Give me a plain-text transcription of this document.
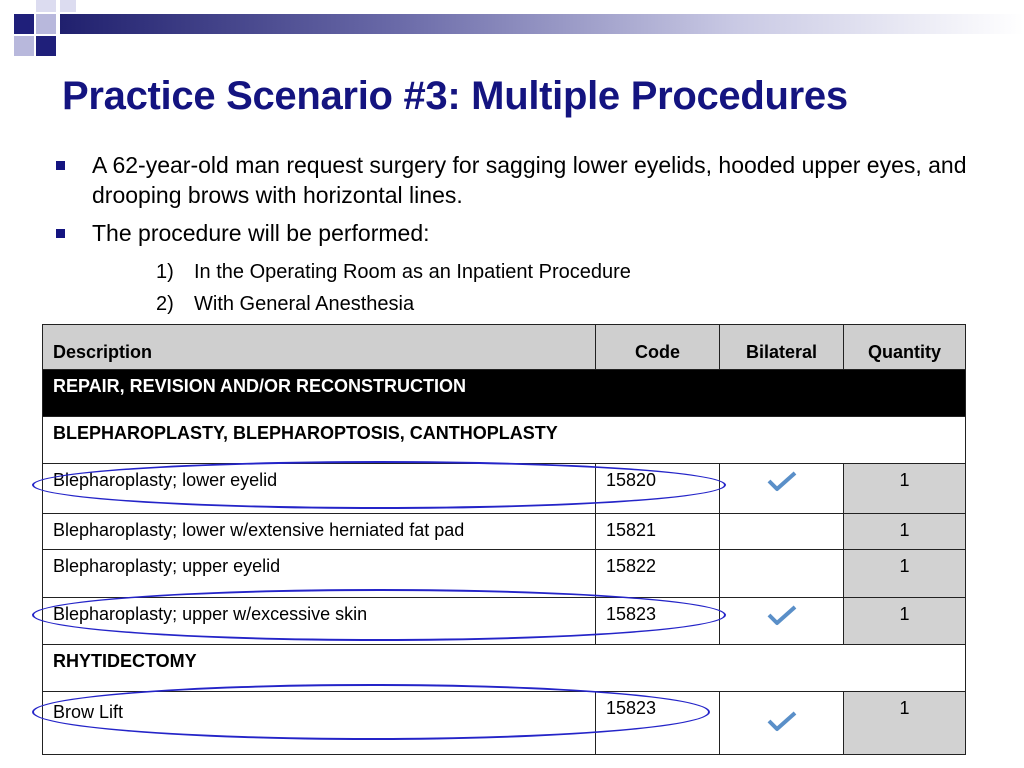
Practice Scenario #3: Multiple Procedures
A 62-year-old man request surgery for sagging lower eyelids, hooded upper eyes, and drooping brows with horizontal lines.
The procedure will be performed:
1) In the Operating Room as an Inpatient Procedure
2) With General Anesthesia
Description	Code	Bilateral	Quantity
REPAIR, REVISION AND/OR RECONSTRUCTION			
BLEPHAROPLASTY, BLEPHAROPTOSIS, CANTHOPLASTY			
Blepharoplasty; lower eyelid	15820		1
Blepharoplasty; lower w/extensive herniated fat pad	15821		1
Blepharoplasty; upper eyelid	15822		1
Blepharoplasty; upper w/excessive skin	15823		1
RHYTIDECTOMY			
Brow Lift	15823		1
